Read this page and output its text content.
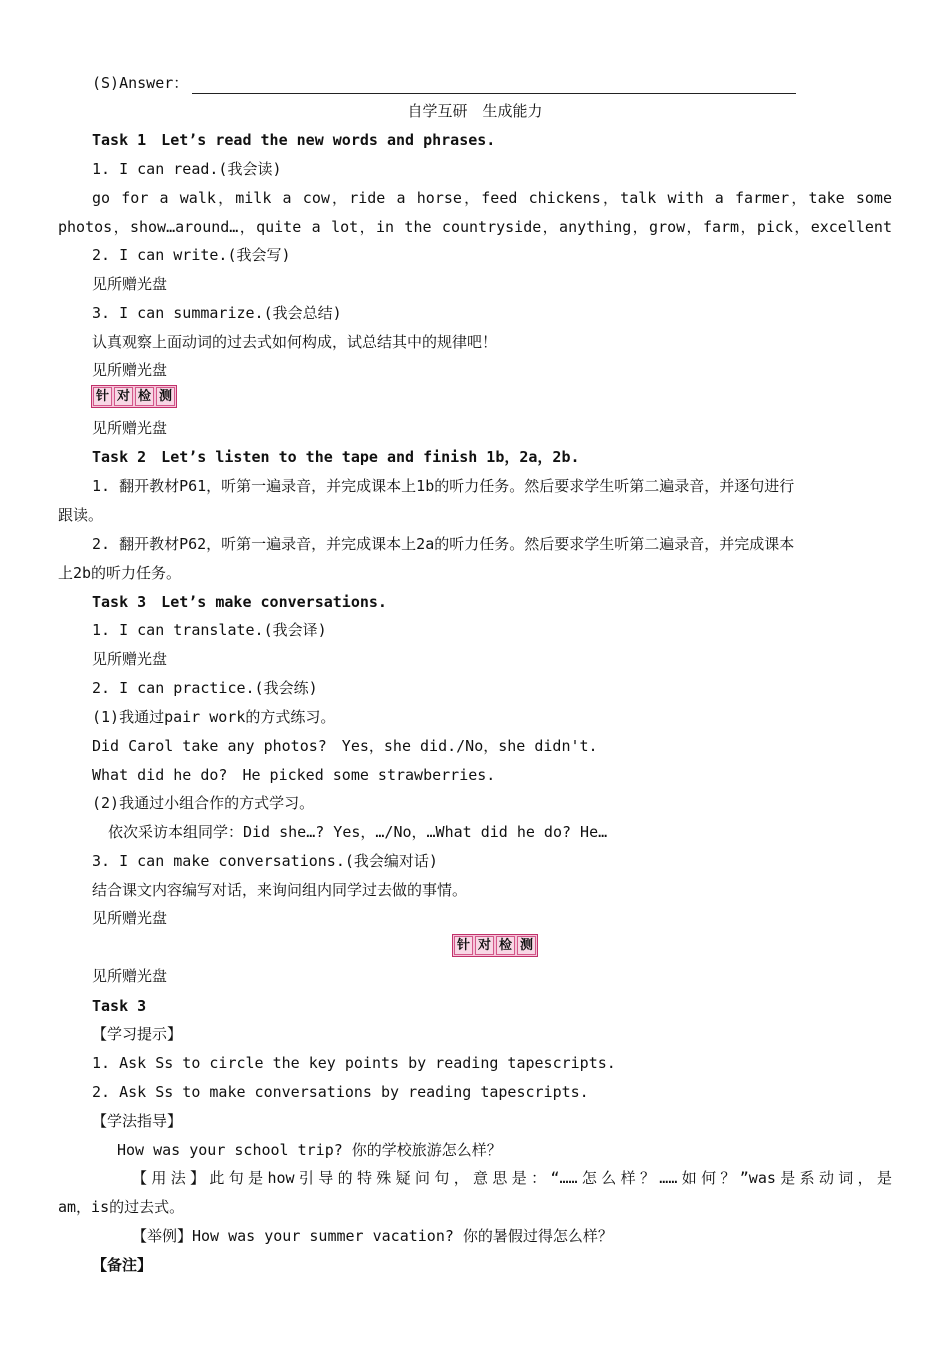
(S)Answer：
自学互研　生成能力
Task 1　Let’s read the new words and phrases.
1. I can read.(我会读)
go for a walk，milk a cow，ride a horse，feed chickens，talk with a farmer，take some
photos，show…around…，quite a lot，in the countryside，anything，grow，farm，pick，excellent
2. I can write.(我会写)
见所赠光盘
3. I can summarize.(我会总结)
认真观察上面动词的过去式如何构成，试总结其中的规律吧！
见所赠光盘
针 对 检 测
见所赠光盘
Task 2　Let’s listen to the tape and finish 1b，2a，2b.
1. 翻开教材P61，听第一遍录音，并完成课本上1b的听力任务。然后要求学生听第二遍录音，并逐句进行
跟读。
2. 翻开教材P62，听第一遍录音，并完成课本上2a的听力任务。然后要求学生听第二遍录音，并完成课本
上2b的听力任务。
Task 3　Let’s make conversations.
1. I can translate.(我会译)
见所赠光盘
2. I can practice.(我会练)
(1)我通过pair work的方式练习。
Did Carol take any photos?　Yes，she did./No，she didn't.
What did he do?　He picked some strawberries.
(2)我通过小组合作的方式学习。
依次采访本组同学：Did she…? Yes，…/No，…What did he do? He…
3. I can make conversations.(我会编对话)
结合课文内容编写对话，来询问组内同学过去做的事情。
见所赠光盘
针 对 检 测
见所赠光盘
Task 3
【学习提示】
1. Ask Ss to circle the key points by reading tapescripts.
2. Ask Ss to make conversations by reading tapescripts.
【学法指导】
How was your school trip? 你的学校旅游怎么样？
【用法】此句是how引导的特殊疑问句，意思是：“……怎么样？……如何？”was是系动词，是
am，is的过去式。
【举例】How was your summer vacation? 你的暑假过得怎么样？
【备注】
